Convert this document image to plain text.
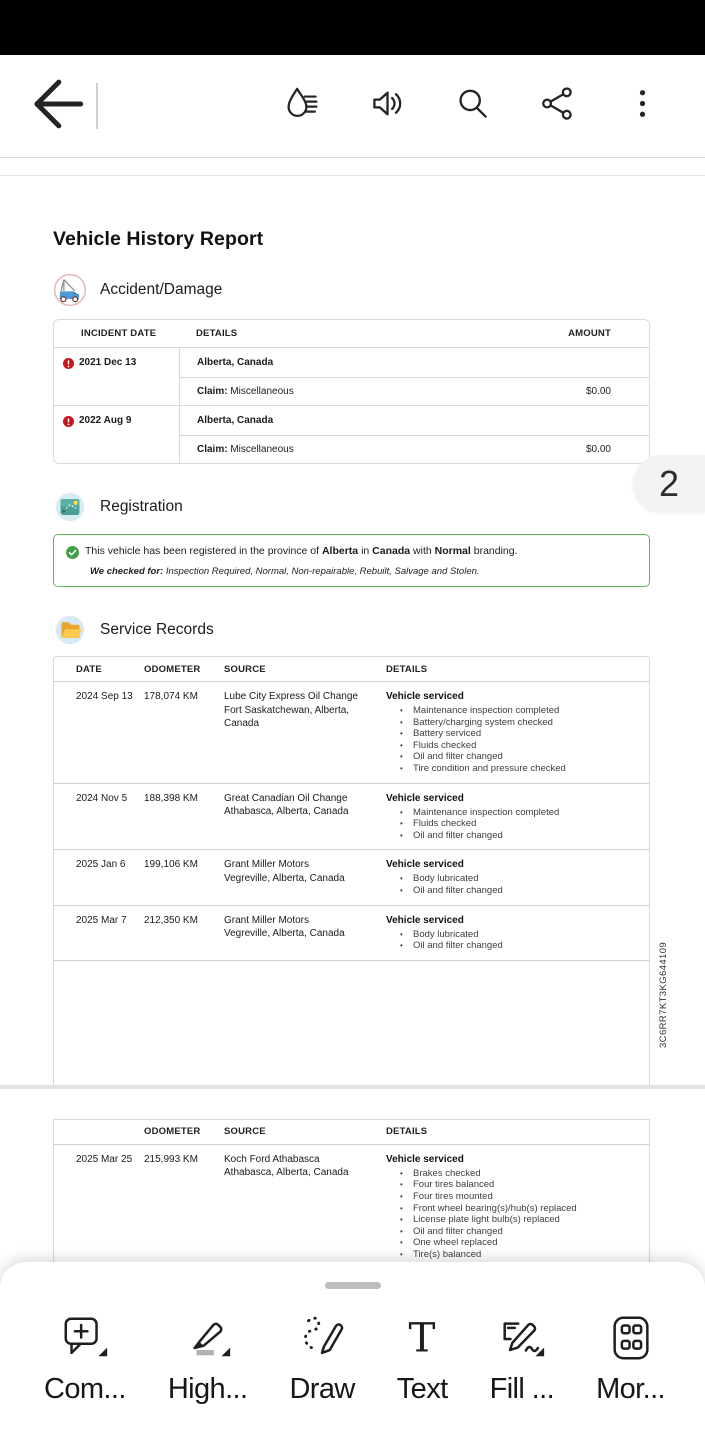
Vehicle History Report
Accident/Damage
INCIDENT DATE	DETAILS	AMOUNT
2021 Dec 13	Alberta, Canada
Claim: Miscellaneous	$0.00
2022 Aug 9	Alberta, Canada
Claim: Miscellaneous	$0.00
Registration
This vehicle has been registered in the province of Alberta in Canada with Normal branding.
We checked for: Inspection Required, Normal, Non-repairable, Rebuilt, Salvage and Stolen.
Service Records
DATE	ODOMETER	SOURCE	DETAILS
2024 Sep 13	178,074 KM	Lube City Express Oil Change
Fort Saskatchewan, Alberta, Canada
Vehicle serviced
• Maintenance inspection completed
• Battery/charging system checked
• Battery serviced
• Fluids checked
• Oil and filter changed
• Tire condition and pressure checked
2024 Nov 5	188,398 KM	Great Canadian Oil Change
Athabasca, Alberta, Canada
Vehicle serviced
• Maintenance inspection completed
• Fluids checked
• Oil and filter changed
2025 Jan 6	199,106 KM	Grant Miller Motors
Vegreville, Alberta, Canada
Vehicle serviced
• Body lubricated
• Oil and filter changed
2025 Mar 7	212,350 KM	Grant Miller Motors
Vegreville, Alberta, Canada
Vehicle serviced
• Body lubricated
• Oil and filter changed
ODOMETER	SOURCE	DETAILS
2025 Mar 25	215,993 KM	Koch Ford Athabasca
Athabasca, Alberta, Canada
Vehicle serviced
• Brakes checked
• Four tires balanced
• Four tires mounted
• Front wheel bearing(s)/hub(s) replaced
• License plate light bulb(s) replaced
• Oil and filter changed
• One wheel replaced
• Tire(s) balanced
3C6RR7KT3KG644109
2
Com... High... Draw
T
Text Fill ... Mor...
